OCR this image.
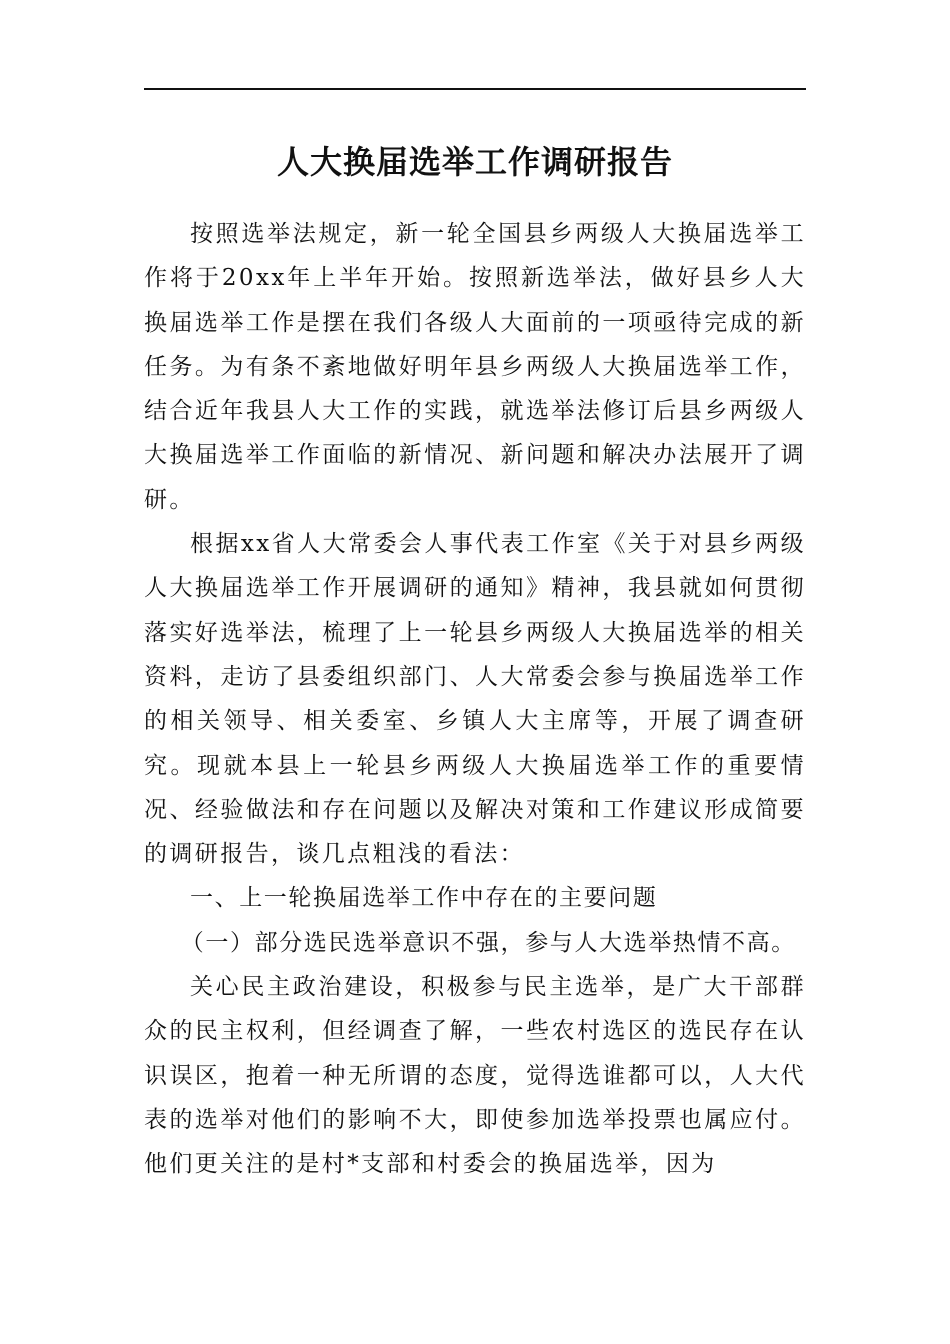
人大换届选举工作调研报告

按照选举法规定，新一轮全国县乡两级人大换届选举工作将于20xx年上半年开始。按照新选举法，做好县乡人大换届选举工作是摆在我们各级人大面前的一项亟待完成的新任务。为有条不紊地做好明年县乡两级人大换届选举工作，结合近年我县人大工作的实践，就选举法修订后县乡两级人大换届选举工作面临的新情况、新问题和解决办法展开了调研。

根据xx省人大常委会人事代表工作室《关于对县乡两级人大换届选举工作开展调研的通知》精神，我县就如何贯彻落实好选举法，梳理了上一轮县乡两级人大换届选举的相关资料，走访了县委组织部门、人大常委会参与换届选举工作的相关领导、相关委室、乡镇人大主席等，开展了调查研究。现就本县上一轮县乡两级人大换届选举工作的重要情况、经验做法和存在问题以及解决对策和工作建议形成简要的调研报告，谈几点粗浅的看法：

一、上一轮换届选举工作中存在的主要问题

（一）部分选民选举意识不强，参与人大选举热情不高。

关心民主政治建设，积极参与民主选举，是广大干部群众的民主权利，但经调查了解，一些农村选区的选民存在认识误区，抱着一种无所谓的态度，觉得选谁都可以，人大代表的选举对他们的影响不大，即使参加选举投票也属应付。他们更关注的是村*支部和村委会的换届选举，因为
